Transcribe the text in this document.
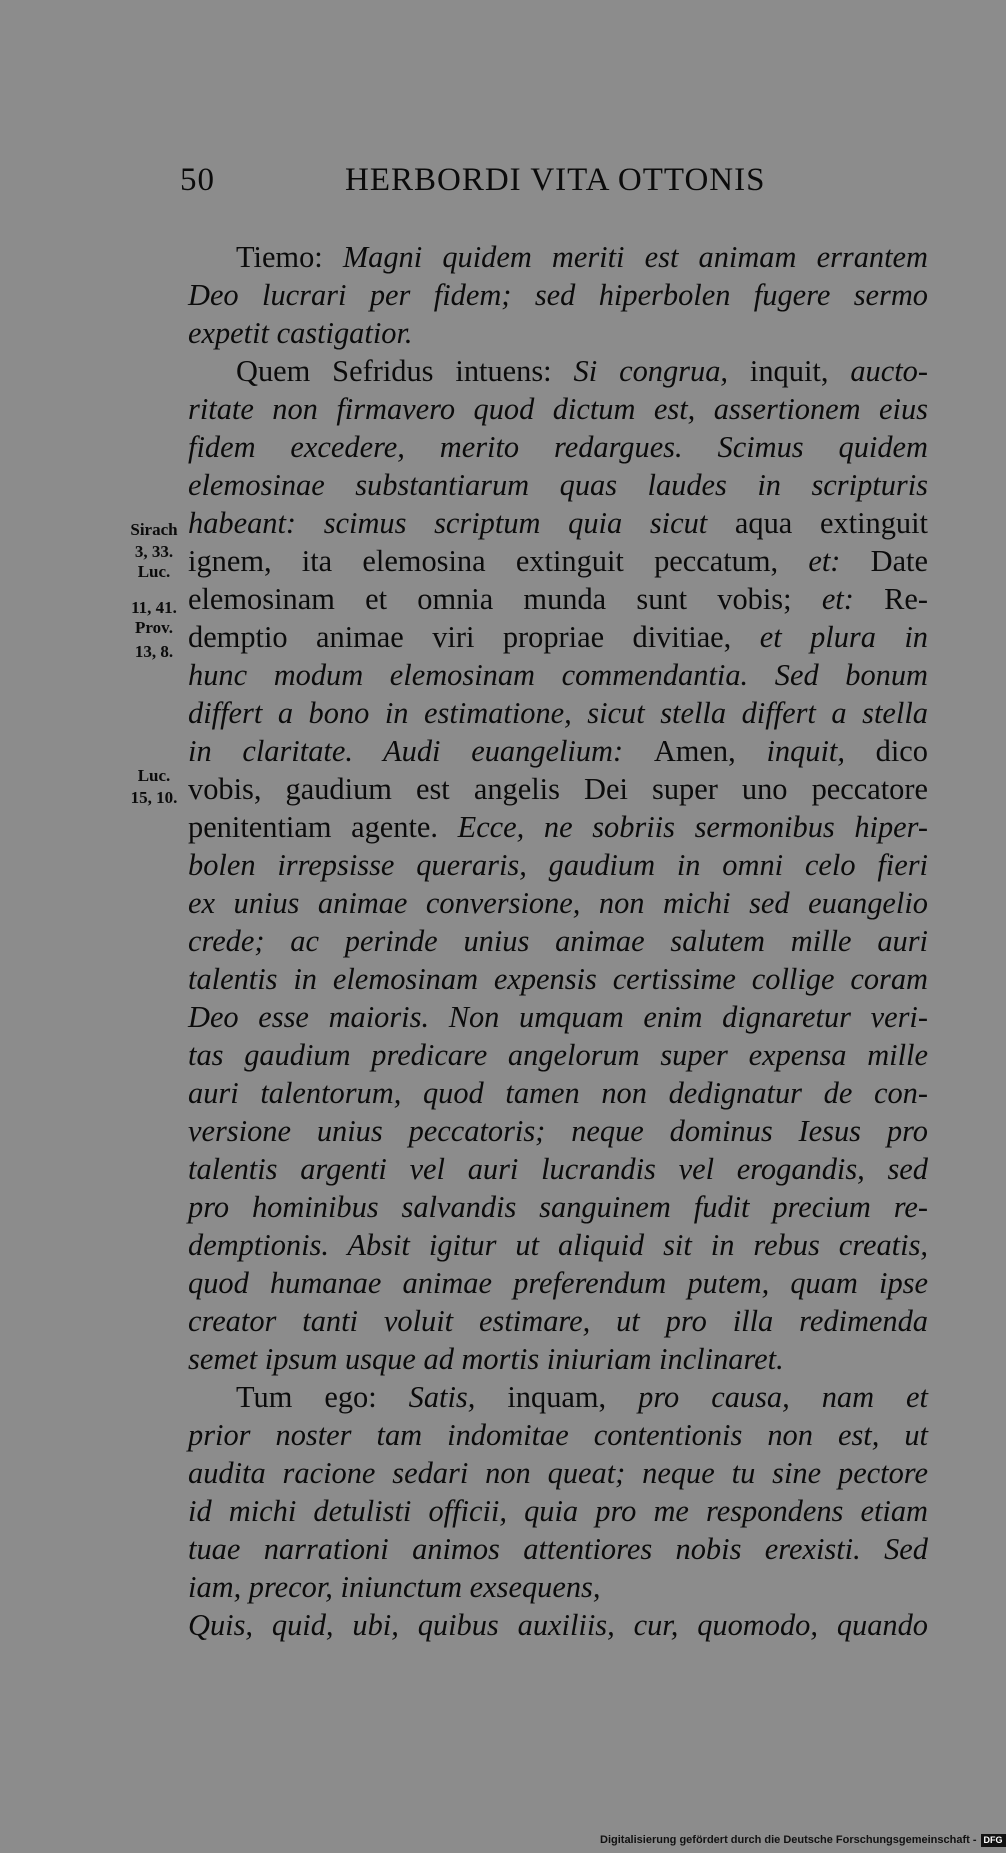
50	HERBORDI VITA OTTONIS
Sirach
3, 33.
Luc.
11, 41.
Prov.
13, 8.
Luc.
15, 10.
Tiemo: Magni quidem meriti est animam errantem
Deo lucrari per fidem; sed hiperbolen fugere sermo
expetit castigatior.
Quem Sefridus intuens: Si congrua, inquit, aucto-
ritate non firmavero quod dictum est, assertionem eius
fidem excedere, merito redargues. Scimus quidem
elemosinae substantiarum quas laudes in scripturis
habeant: scimus scriptum quia sicut aqua extinguit
ignem, ita elemosina extinguit peccatum, et: Date
elemosinam et omnia munda sunt vobis; et: Re-
demptio animae viri propriae divitiae, et plura in
hunc modum elemosinam commendantia. Sed bonum
differt a bono in estimatione, sicut stella differt a stella
in claritate. Audi euangelium: Amen, inquit, dico
vobis, gaudium est angelis Dei super uno peccatore
penitentiam agente. Ecce, ne sobriis sermonibus hiper-
bolen irrepsisse queraris, gaudium in omni celo fieri
ex unius animae conversione, non michi sed euangelio
crede; ac perinde unius animae salutem mille auri
talentis in elemosinam expensis certissime collige coram
Deo esse maioris. Non umquam enim dignaretur veri-
tas gaudium predicare angelorum super expensa mille
auri talentorum, quod tamen non dedignatur de con-
versione unius peccatoris; neque dominus Iesus pro
talentis argenti vel auri lucrandis vel erogandis, sed
pro hominibus salvandis sanguinem fudit precium re-
demptionis. Absit igitur ut aliquid sit in rebus creatis,
quod humanae animae preferendum putem, quam ipse
creator tanti voluit estimare, ut pro illa redimenda
semet ipsum usque ad mortis iniuriam inclinaret.
Tum ego: Satis, inquam, pro causa, nam et
prior noster tam indomitae contentionis non est, ut
audita racione sedari non queat; neque tu sine pectore
id michi detulisti officii, quia pro me respondens etiam
tuae narrationi animos attentiores nobis erexisti. Sed
iam, precor, iniunctum exsequens,
Quis, quid, ubi, quibus auxiliis, cur, quomodo, quando
Digitalisierung gefördert durch die Deutsche Forschungsgemeinschaft - DFG
